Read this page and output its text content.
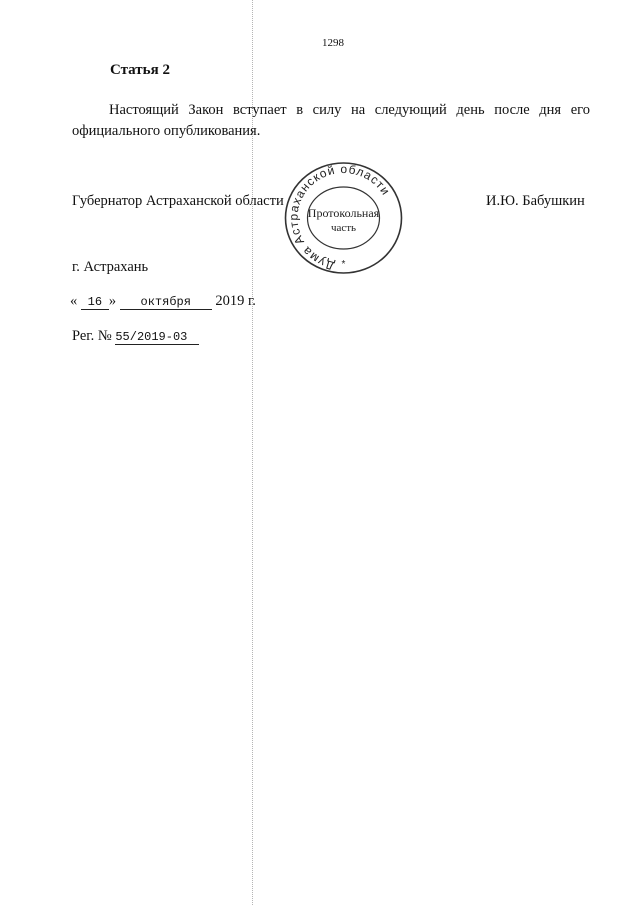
1298
Статья 2
Настоящий Закон вступает в силу на следующий день после дня его официального опубликования.
Губернатор Астраханской области	И.Ю. Бабушкин
Дума Астраханской области
Протокольная
часть
*
г. Астрахань
« 16 » октября 2019 г.
Рег. № 55/2019-03
